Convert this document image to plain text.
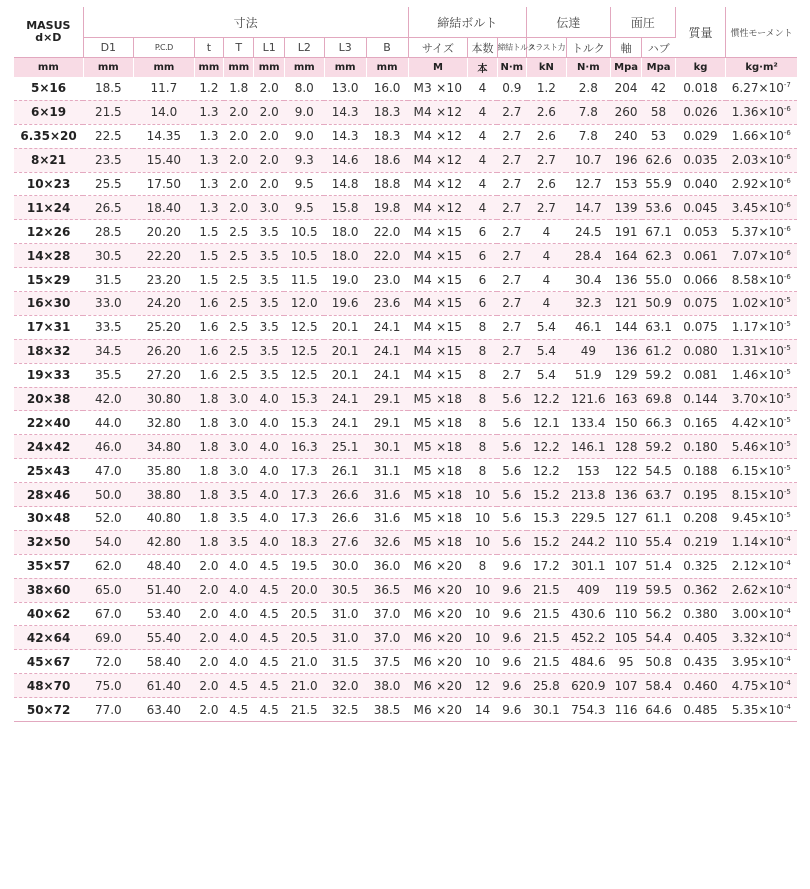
MASUS
d×D	寸法								締結ボルト			伝達		面圧		質量	慣性モーメント
	D1	P.C.D	t	T	L1	L2	L3	B	サイズ	本数	締結トルク	スラスト力	トルク	軸	ハブ		
mm	mm	mm	mm	mm	mm	mm	mm	mm	M	本	N·m	kN	N·m	Mpa	Mpa	kg	kg·m²
5×16	18.5	11.7	1.2	1.8	2.0	8.0	13.0	16.0	M3 ×10	4	0.9	1.2	2.8	204	42	0.018	$6.27\times 10^{-7}$
6×19	21.5	14.0	1.3	2.0	2.0	9.0	14.3	18.3	M4 ×12	4	2.7	2.6	7.8	260	58	0.026	$1.36\times 10^{-6}$
6.35×20	22.5	14.35	1.3	2.0	2.0	9.0	14.3	18.3	M4 ×12	4	2.7	2.6	7.8	240	53	0.029	$1.66\times 10^{-6}$
8×21	23.5	15.40	1.3	2.0	2.0	9.3	14.6	18.6	M4 ×12	4	2.7	2.7	10.7	196	62.6	0.035	$2.03\times 10^{-6}$
10×23	25.5	17.50	1.3	2.0	2.0	9.5	14.8	18.8	M4 ×12	4	2.7	2.6	12.7	153	55.9	0.040	$2.92\times 10^{-6}$
11×24	26.5	18.40	1.3	2.0	3.0	9.5	15.8	19.8	M4 ×12	4	2.7	2.7	14.7	139	53.6	0.045	$3.45\times 10^{-6}$
12×26	28.5	20.20	1.5	2.5	3.5	10.5	18.0	22.0	M4 ×15	6	2.7	4	24.5	191	67.1	0.053	$5.37\times 10^{-6}$
14×28	30.5	22.20	1.5	2.5	3.5	10.5	18.0	22.0	M4 ×15	6	2.7	4	28.4	164	62.3	0.061	$7.07\times 10^{-6}$
15×29	31.5	23.20	1.5	2.5	3.5	11.5	19.0	23.0	M4 ×15	6	2.7	4	30.4	136	55.0	0.066	$8.58\times 10^{-6}$
16×30	33.0	24.20	1.6	2.5	3.5	12.0	19.6	23.6	M4 ×15	6	2.7	4	32.3	121	50.9	0.075	$1.02\times 10^{-5}$
17×31	33.5	25.20	1.6	2.5	3.5	12.5	20.1	24.1	M4 ×15	8	2.7	5.4	46.1	144	63.1	0.075	$1.17\times 10^{-5}$
18×32	34.5	26.20	1.6	2.5	3.5	12.5	20.1	24.1	M4 ×15	8	2.7	5.4	49	136	61.2	0.080	$1.31\times 10^{-5}$
19×33	35.5	27.20	1.6	2.5	3.5	12.5	20.1	24.1	M4 ×15	8	2.7	5.4	51.9	129	59.2	0.081	$1.46\times 10^{-5}$
20×38	42.0	30.80	1.8	3.0	4.0	15.3	24.1	29.1	M5 ×18	8	5.6	12.2	121.6	163	69.8	0.144	$3.70\times 10^{-5}$
22×40	44.0	32.80	1.8	3.0	4.0	15.3	24.1	29.1	M5 ×18	8	5.6	12.1	133.4	150	66.3	0.165	$4.42\times 10^{-5}$
24×42	46.0	34.80	1.8	3.0	4.0	16.3	25.1	30.1	M5 ×18	8	5.6	12.2	146.1	128	59.2	0.180	$5.46\times 10^{-5}$
25×43	47.0	35.80	1.8	3.0	4.0	17.3	26.1	31.1	M5 ×18	8	5.6	12.2	153	122	54.5	0.188	$6.15\times 10^{-5}$
28×46	50.0	38.80	1.8	3.5	4.0	17.3	26.6	31.6	M5 ×18	10	5.6	15.2	213.8	136	63.7	0.195	$8.15\times 10^{-5}$
30×48	52.0	40.80	1.8	3.5	4.0	17.3	26.6	31.6	M5 ×18	10	5.6	15.3	229.5	127	61.1	0.208	$9.45\times 10^{-5}$
32×50	54.0	42.80	1.8	3.5	4.0	18.3	27.6	32.6	M5 ×18	10	5.6	15.2	244.2	110	55.4	0.219	$1.14\times 10^{-4}$
35×57	62.0	48.40	2.0	4.0	4.5	19.5	30.0	36.0	M6 ×20	8	9.6	17.2	301.1	107	51.4	0.325	$2.12\times 10^{-4}$
38×60	65.0	51.40	2.0	4.0	4.5	20.0	30.5	36.5	M6 ×20	10	9.6	21.5	409	119	59.5	0.362	$2.62\times 10^{-4}$
40×62	67.0	53.40	2.0	4.0	4.5	20.5	31.0	37.0	M6 ×20	10	9.6	21.5	430.6	110	56.2	0.380	$3.00\times 10^{-4}$
42×64	69.0	55.40	2.0	4.0	4.5	20.5	31.0	37.0	M6 ×20	10	9.6	21.5	452.2	105	54.4	0.405	$3.32\times 10^{-4}$
45×67	72.0	58.40	2.0	4.0	4.5	21.0	31.5	37.5	M6 ×20	10	9.6	21.5	484.6	95	50.8	0.435	$3.95\times 10^{-4}$
48×70	75.0	61.40	2.0	4.5	4.5	21.0	32.0	38.0	M6 ×20	12	9.6	25.8	620.9	107	58.4	0.460	$4.75\times 10^{-4}$
50×72	77.0	63.40	2.0	4.5	4.5	21.5	32.5	38.5	M6 ×20	14	9.6	30.1	754.3	116	64.6	0.485	$5.35\times 10^{-4}$
